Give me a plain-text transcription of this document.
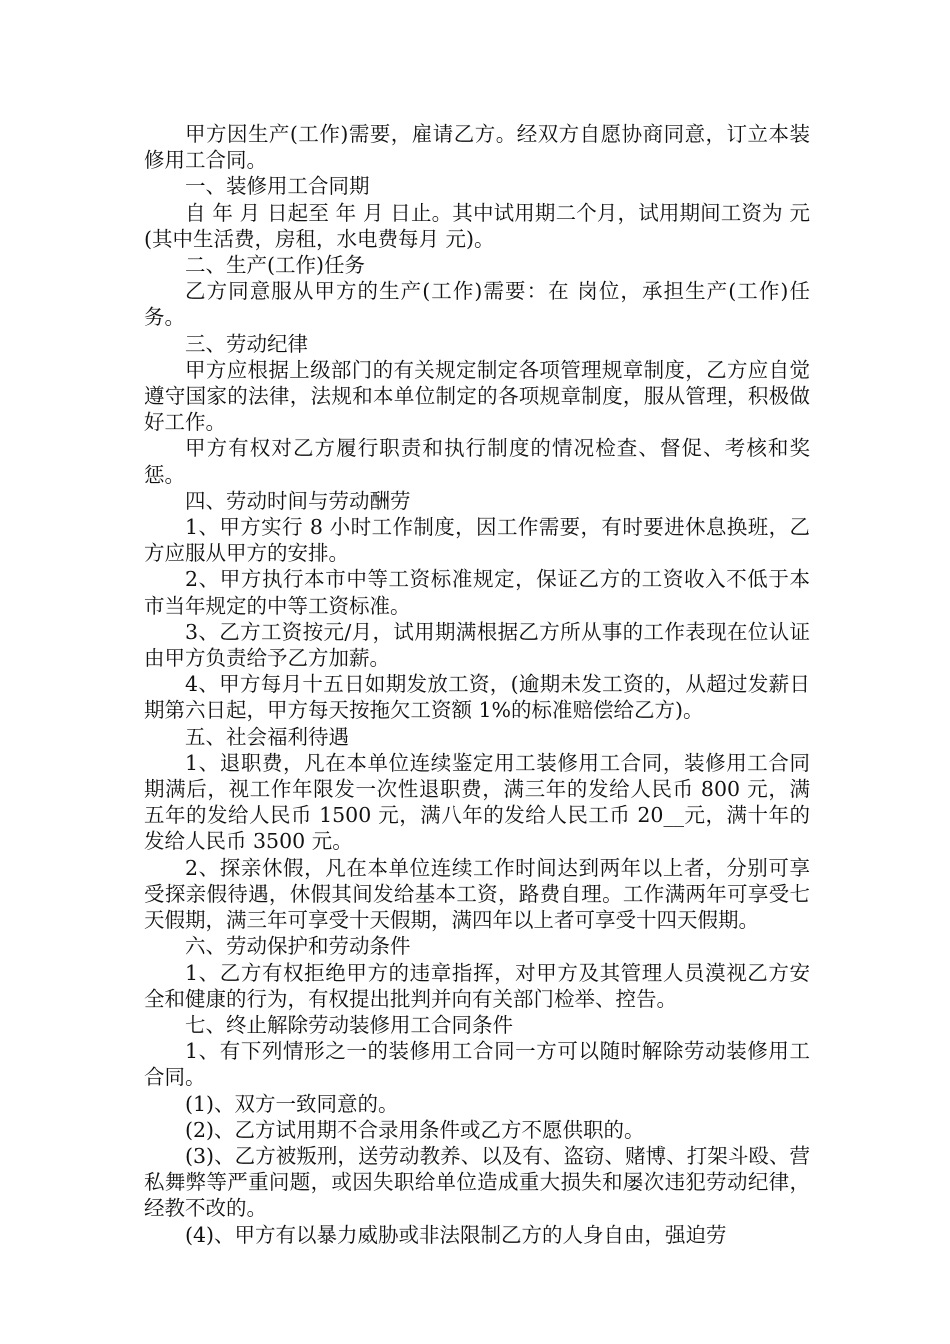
甲方因生产(工作)需要，雇请乙方。经双方自愿协商同意，订立本装修用工合同。

一、装修用工合同期

自 年 月 日起至 年 月 日止。其中试用期二个月，试用期间工资为 元(其中生活费，房租，水电费每月 元)。

二、生产(工作)任务

乙方同意服从甲方的生产(工作)需要：在 岗位，承担生产(工作)任务。

三、劳动纪律

甲方应根据上级部门的有关规定制定各项管理规章制度，乙方应自觉遵守国家的法律，法规和本单位制定的各项规章制度，服从管理，积极做好工作。

甲方有权对乙方履行职责和执行制度的情况检查、督促、考核和奖惩。

四、劳动时间与劳动酬劳

1、甲方实行 8 小时工作制度，因工作需要，有时要进休息换班，乙方应服从甲方的安排。

2、甲方执行本市中等工资标准规定，保证乙方的工资收入不低于本市当年规定的中等工资标准。

3、乙方工资按元/月，试用期满根据乙方所从事的工作表现在位认证由甲方负责给予乙方加薪。

4、甲方每月十五日如期发放工资，(逾期未发工资的，从超过发薪日期第六日起，甲方每天按拖欠工资额 1%的标准赔偿给乙方)。

五、社会福利待遇

1、退职费，凡在本单位连续鉴定用工装修用工合同，装修用工合同期满后，视工作年限发一次性退职费，满三年的发给人民币 800 元，满五年的发给人民币 1500 元，满八年的发给人民工币 20__元，满十年的发给人民币 3500 元。

2、探亲休假，凡在本单位连续工作时间达到两年以上者，分别可享受探亲假待遇，休假其间发给基本工资，路费自理。工作满两年可享受七天假期，满三年可享受十天假期，满四年以上者可享受十四天假期。

六、劳动保护和劳动条件

1、乙方有权拒绝甲方的违章指挥，对甲方及其管理人员漠视乙方安全和健康的行为，有权提出批判并向有关部门检举、控告。

七、终止解除劳动装修用工合同条件

1、有下列情形之一的装修用工合同一方可以随时解除劳动装修用工合同。

(1)、双方一致同意的。

(2)、乙方试用期不合录用条件或乙方不愿供职的。

(3)、乙方被叛刑，送劳动教养、以及有、盗窃、赌博、打架斗殴、营私舞弊等严重问题，或因失职给单位造成重大损失和屡次违犯劳动纪律，经教不改的。

(4)、甲方有以暴力威胁或非法限制乙方的人身自由，强迫劳
